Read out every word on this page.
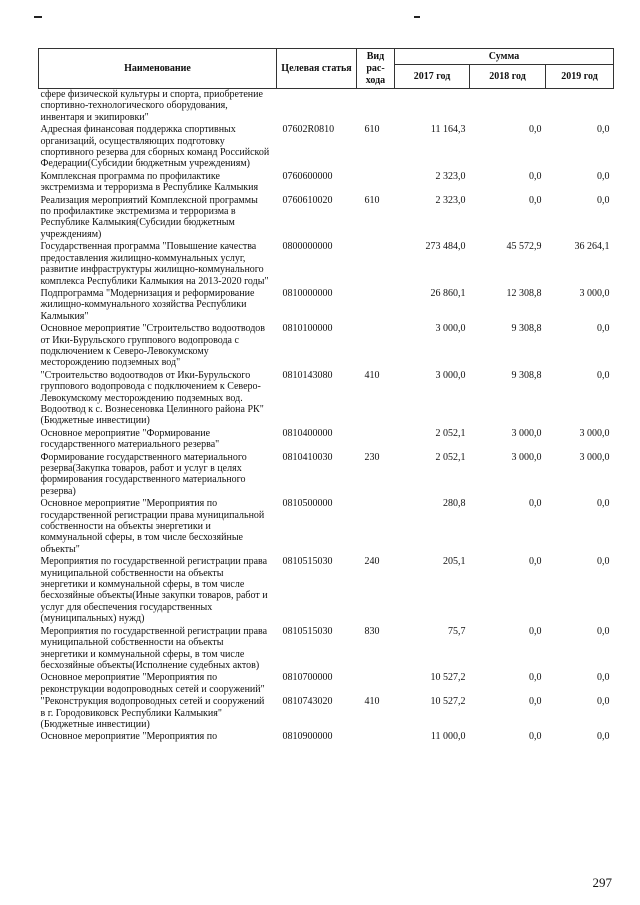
Наименование	Целевая статья	Вид рас-хода	Сумма		
			2017 год	2018 год	2019 год
сфере физической культуры и спорта, приобретение спортивно-технологического оборудования, инвентаря и экипировки"					
Адресная финансовая поддержка спортивных организаций, осуществляющих подготовку спортивного резерва для сборных команд Российской Федерации(Субсидии бюджетным учреждениям)	07602R0810	610	11 164,3	0,0	0,0
Комплексная программа по профилактике экстремизма и терроризма в Республике Калмыкия	0760600000		2 323,0	0,0	0,0
Реализация мероприятий Комплексной программы по профилактике экстремизма и терроризма в Республике Калмыкия(Субсидии бюджетным учреждениям)	0760610020	610	2 323,0	0,0	0,0
Государственная программа "Повышение качества предоставления жилищно-коммунальных услуг, развитие инфраструктуры жилищно-коммунального комплекса Республики Калмыкия на 2013-2020 годы"	0800000000		273 484,0	45 572,9	36 264,1
Подпрограмма "Модернизация и реформирование жилищно-коммунального хозяйства Республики Калмыкия"	0810000000		26 860,1	12 308,8	3 000,0
Основное мероприятие "Строительство водоотводов от Ики-Бурульского группового водопровода с подключением к Северо-Левокумскому месторождению подземных вод"	0810100000		3 000,0	9 308,8	0,0
"Строительство водоотводов от Ики-Бурульского группового водопровода с подключением к Северо-Левокумскому месторождению подземных вод. Водоотвод к с. Вознесеновка Целинного района РК"(Бюджетные инвестиции)	0810143080	410	3 000,0	9 308,8	0,0
Основное мероприятие "Формирование государственного материального резерва"	0810400000		2 052,1	3 000,0	3 000,0
Формирование государственного материального резерва(Закупка товаров, работ и услуг в целях формирования государственного материального резерва)	0810410030	230	2 052,1	3 000,0	3 000,0
Основное мероприятие "Мероприятия по государственной регистрации права муниципальной собственности на объекты энергетики и коммунальной сферы, в том числе бесхозяйные объекты"	0810500000		280,8	0,0	0,0
Мероприятия по государственной регистрации права муниципальной собственности на объекты энергетики и коммунальной сферы, в том числе бесхозяйные объекты(Иные закупки товаров, работ и услуг для обеспечения государственных (муниципальных) нужд)	0810515030	240	205,1	0,0	0,0
Мероприятия по государственной регистрации права муниципальной собственности на объекты энергетики и коммунальной сферы, в том числе бесхозяйные объекты(Исполнение судебных актов)	0810515030	830	75,7	0,0	0,0
Основное мероприятие "Мероприятия по реконструкции водопроводных сетей и сооружений"	0810700000		10 527,2	0,0	0,0
"Реконструкция водопроводных сетей и сооружений в г. Городовиковск Республики Калмыкия"(Бюджетные инвестиции)	0810743020	410	10 527,2	0,0	0,0
Основное мероприятие "Мероприятия по	0810900000		11 000,0	0,0	0,0
297
